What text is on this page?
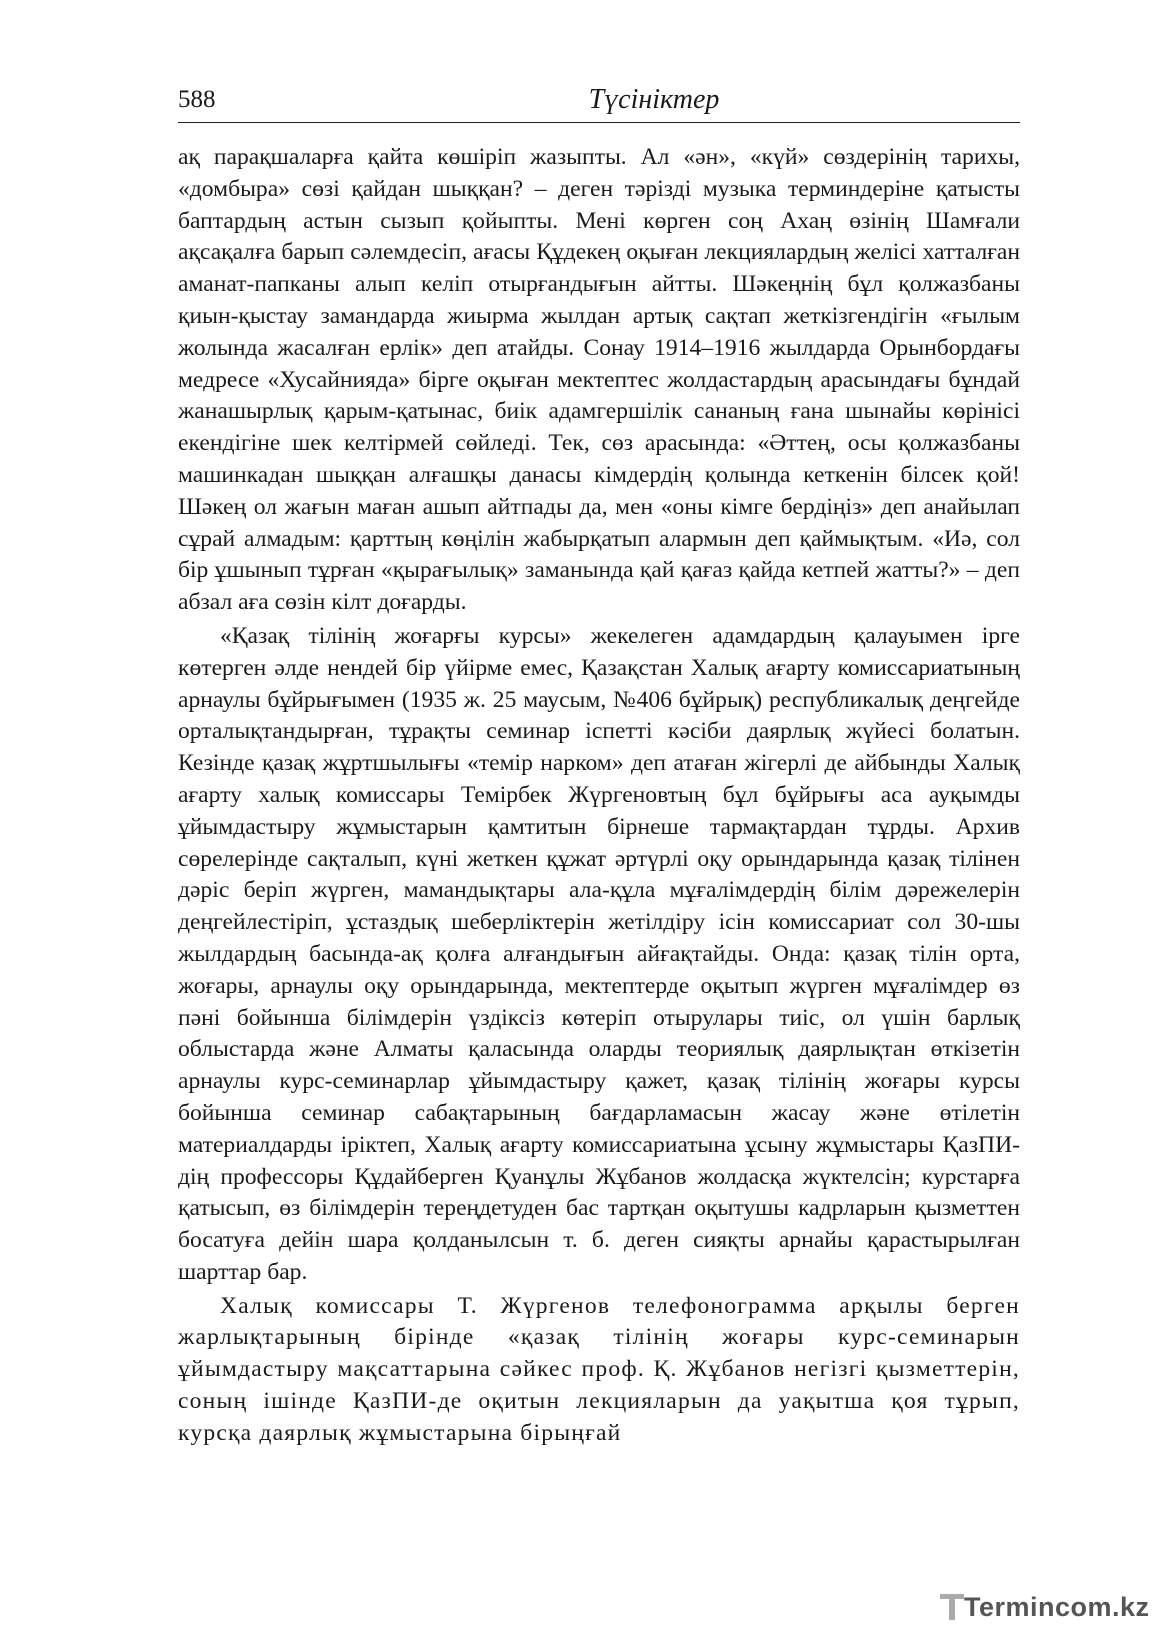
588	Түсініктер

ақ парақшаларға қайта көшіріп жазыпты. Ал «ән», «күй» сөздерінің тарихы, «домбыра» сөзі қайдан шыққан? – деген тәрізді музыка терминдеріне қатысты баптардың астын сызып қойыпты. Мені көрген соң Ахаң өзінің Шамғали ақсақалға барып сәлемдесіп, ағасы Құдекең оқыған лекциялардың желісі хатталған аманат-папканы алып келіп отырғандығын айтты. Шәкеңнің бұл қолжазбаны қиын-қыстау замандарда жиырма жылдан артық сақтап жеткізгендігін «ғылым жолында жасалған ерлік» деп атайды. Сонау 1914–1916 жылдарда Орынбордағы медресе «Хусайнияда» бірге оқыған мектептес жолдастардың арасындағы бұндай жанашырлық қарым-қатынас, биік адамгершілік сананың ғана шынайы көрінісі екендігіне шек келтірмей сөйледі. Тек, сөз арасында: «Әттең, осы қолжазбаны машинкадан шыққан алғашқы данасы кімдердің қолында кеткенін білсек қой! Шәкең ол жағын маған ашып айтпады да, мен «оны кімге бердіңіз» деп анайылап сұрай алмадым: қарттың көңілін жабырқатып алармын деп қаймықтым. «Иә, сол бір ұшынып тұрған «қырағылық» заманында қай қағаз қайда кетпей жатты?» – деп абзал аға сөзін кілт доғарды.

«Қазақ тілінің жоғарғы курсы» жекелеген адамдардың қалауымен ірге көтерген әлде нендей бір үйірме емес, Қазақстан Халық ағарту комиссариатының арнаулы бұйрығымен (1935 ж. 25 маусым, №406 бұйрық) республикалық деңгейде орталықтандырған, тұрақты семинар іспетті кәсіби даярлық жүйесі болатын. Кезінде қазақ жұртшылығы «темір нарком» деп атаған жігерлі де айбынды Халық ағарту халық комиссары Темірбек Жүргеновтың бұл бұйрығы аса ауқымды ұйымдастыру жұмыстарын қамтитын бірнеше тармақтардан тұрды. Архив сөрелерінде сақталып, күні жеткен құжат әртүрлі оқу орындарында қазақ тілінен дәріс беріп жүрген, мамандықтары ала-құла мұғалімдердің білім дәрежелерін деңгейлестіріп, ұстаздық шеберліктерін жетілдіру ісін комиссариат сол 30-шы жылдардың басында-ақ қолға алғандығын айғақтайды. Онда: қазақ тілін орта, жоғары, арнаулы оқу орындарында, мектептерде оқытып жүрген мұғалімдер өз пәні бойынша білімдерін үздіксіз көтеріп отырулары тиіс, ол үшін барлық облыстарда және Алматы қаласында оларды теориялық даярлықтан өткізетін арнаулы курс-семинарлар ұйымдастыру қажет, қазақ тілінің жоғары курсы бойынша семинар сабақтарының бағдарламасын жасау және өтілетін материалдарды іріктеп, Халық ағарту комиссариатына ұсыну жұмыстары ҚазПИ-дің профессоры Құдайберген Қуанұлы Жұбанов жолдасқа жүктелсін; курстарға қатысып, өз білімдерін тереңдетуден бас тартқан оқытушы кадрларын қызметтен босатуға дейін шара қолданылсын т. б. деген сияқты арнайы қарастырылған шарттар бар.

Халық комиссары Т. Жүргенов телефонограмма арқылы берген жарлықтарының бірінде «қазақ тілінің жоғары курс-семинарын ұйымдастыру мақсаттарына сәйкес проф. Қ. Жұбанов негізгі қызметтерін, соның ішінде ҚазПИ-де оқитын лекцияларын да уақытша қоя тұрып, курсқа даярлық жұмыстарына бірыңғай

Termincom.kz
